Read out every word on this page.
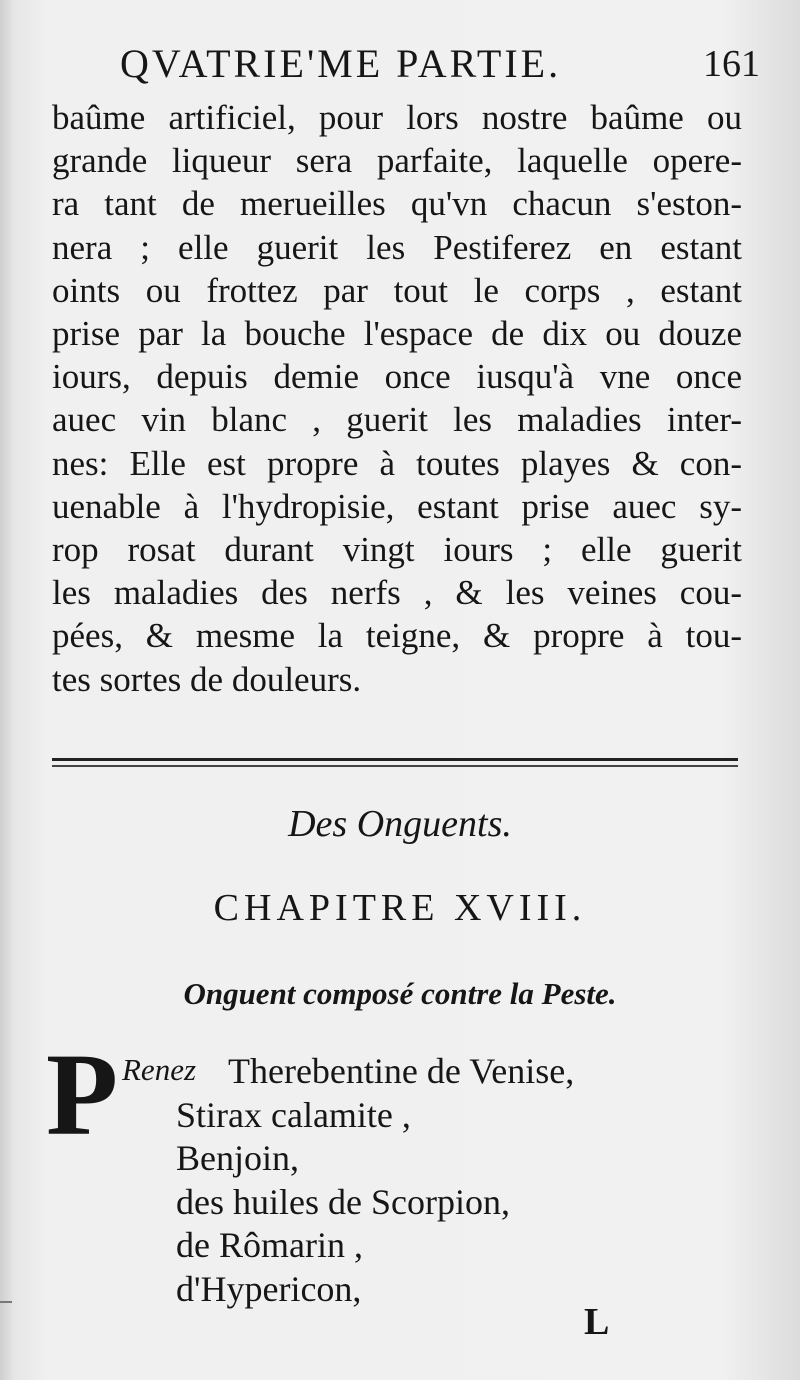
QVATRIE'ME PARTIE.	161
baûme artificiel, pour lors nostre baûme ou
grande liqueur sera parfaite, laquelle opere-
ra tant de merueilles qu'vn chacun s'eston-
nera ; elle guerit les Pestiferez en estant
oints ou frottez par tout le corps , estant
prise par la bouche l'espace de dix ou douze
iours, depuis demie once iusqu'à vne once
auec vin blanc , guerit les maladies inter-
nes: Elle est propre à toutes playes & con-
uenable à l'hydropisie, estant prise auec sy-
rop rosat durant vingt iours ; elle guerit
les maladies des nerfs , & les veines cou-
pées, & mesme la teigne, & propre à tou-
tes sortes de douleurs.
Des Onguents.
CHAPITRE XVIII.
Onguent composé contre la Peste.
P Renez Therebentine de Venise,
Stirax calamite ,
Benjoin,
des huiles de Scorpion,
de Rômarin ,
d'Hypericon,
L
